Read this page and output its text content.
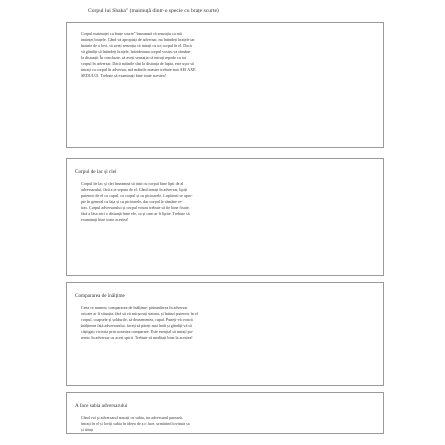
Corpul lui Shaka" (maimuță dintr-o specie cu brațe scurte)
Corpul maimuței cu brațe scurte" înseamnă că senzația cu mâ
inuinței brațele. Când vă apropiați de adversar, nu întindeți brațele iar
înainte de a lovi, să aveți senzația că intrați cu tot corpul în el. Dacă
vă gândiți să întindeți brațele, întotdeauna corpul vostru va rămâne
la distanță. În concluzie, să aveți senzația că intrați repede cu tot
corpul în adversar. Dacă mâinile sînt la distanța de lupta, este ușor să
intrați cu corpul în adversar, mâ mâinile noastre trebuie mai AEI AXE
ȘEDULUI. Trebuie să examinați bine toate acestea!
Corpul de lac și clei
Corpul de lac și clei înseamnă să intri cu corpul bine lipit de al
adversarului, fără a te separa de el. Când intrați în adversar, lipiți
puternic de el cu capul, cu corpul și cu picioarele. Lupătorii se apro-
pie în general cu fața și cu picioarele, dar corpul le rămâne re-
tras. Corpul adversarului și corpul vostru trebuie să fie bine fixate,
fără a lăsa nici o distanță între ele, ca și cum ar fi lipite. Trebuie să
examinați bine toate acestea!
Compararea de înălțime
Ceea ce numesc compararea de înălțime: pătrunderea în adversar
oricare ar fi situația, fără să vă micșorați statura, și întinzi puternic în el
corpul, coapsele și șoldurile, să deasemenea, capul. Puneți-vă vostră
înălțimea față adversarului, faceți să păreți mai înalt și gândiți-vă să
câștigați victoria prin aceastea comparare. Este esențial să intrați pu-
ternic în adversar cu acest spirit. Trebuie să meditați bine la acestea!
A face sabia adversarului
Când voi și adversarul atacați cu sabia, iar adversarul parează,
intrați în el și loviți sabia în ideea de a o face, urmărind lovitura sa
și tăiați
